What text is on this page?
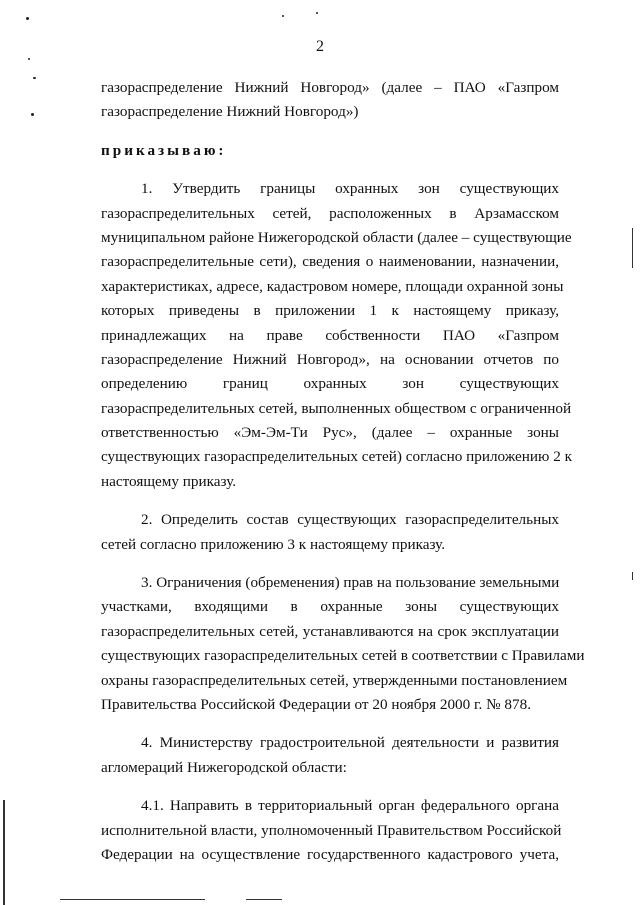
2
газораспределение Нижний Новгород» (далее – ПАО «Газпром
газораспределение Нижний Новгород»)
приказываю:
1. Утвердить границы охранных зон существующих
газораспределительных сетей, расположенных в Арзамасском
муниципальном районе Нижегородской области (далее – существующие
газораспределительные сети), сведения о наименовании, назначении,
характеристиках, адресе, кадастровом номере, площади охранной зоны
которых приведены в приложении 1 к настоящему приказу,
принадлежащих на праве собственности ПАО «Газпром
газораспределение Нижний Новгород», на основании отчетов по
определению границ охранных зон существующих
газораспределительных сетей, выполненных обществом с ограниченной
ответственностью «Эм-Эм-Ти Рус», (далее – охранные зоны
существующих газораспределительных сетей) согласно приложению 2 к
настоящему приказу.
2. Определить состав существующих газораспределительных
сетей согласно приложению 3 к настоящему приказу.
3. Ограничения (обременения) прав на пользование земельными
участками, входящими в охранные зоны существующих
газораспределительных сетей, устанавливаются на срок эксплуатации
существующих газораспределительных сетей в соответствии с Правилами
охраны газораспределительных сетей, утвержденными постановлением
Правительства Российской Федерации от 20 ноября 2000 г. № 878.
4. Министерству градостроительной деятельности и развития
агломераций Нижегородской области:
4.1. Направить в территориальный орган федерального органа
исполнительной власти, уполномоченный Правительством Российской
Федерации на осуществление государственного кадастрового учета,
